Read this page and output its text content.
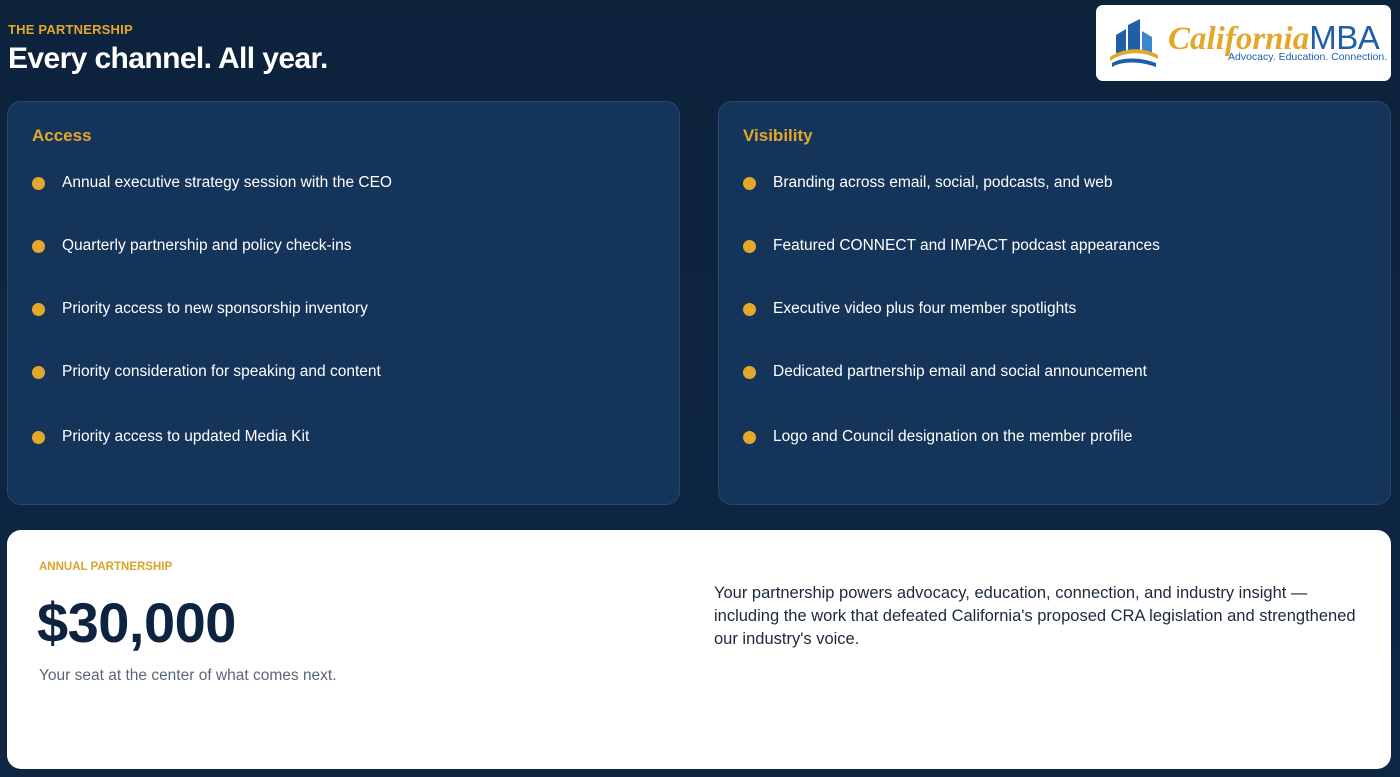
THE PARTNERSHIP
Every channel. All year.
CaliforniaMBA
Advocacy. Education. Connection.
Access
Annual executive strategy session with the CEO
Quarterly partnership and policy check-ins
Priority access to new sponsorship inventory
Priority consideration for speaking and content
Priority access to updated Media Kit
Visibility
Branding across email, social, podcasts, and web
Featured CONNECT and IMPACT podcast appearances
Executive video plus four member spotlights
Dedicated partnership email and social announcement
Logo and Council designation on the member profile
ANNUAL PARTNERSHIP
$30,000
Your seat at the center of what comes next.
Your partnership powers advocacy, education, connection, and industry insight — including the work that defeated California's proposed CRA legislation and strengthened our industry's voice.
